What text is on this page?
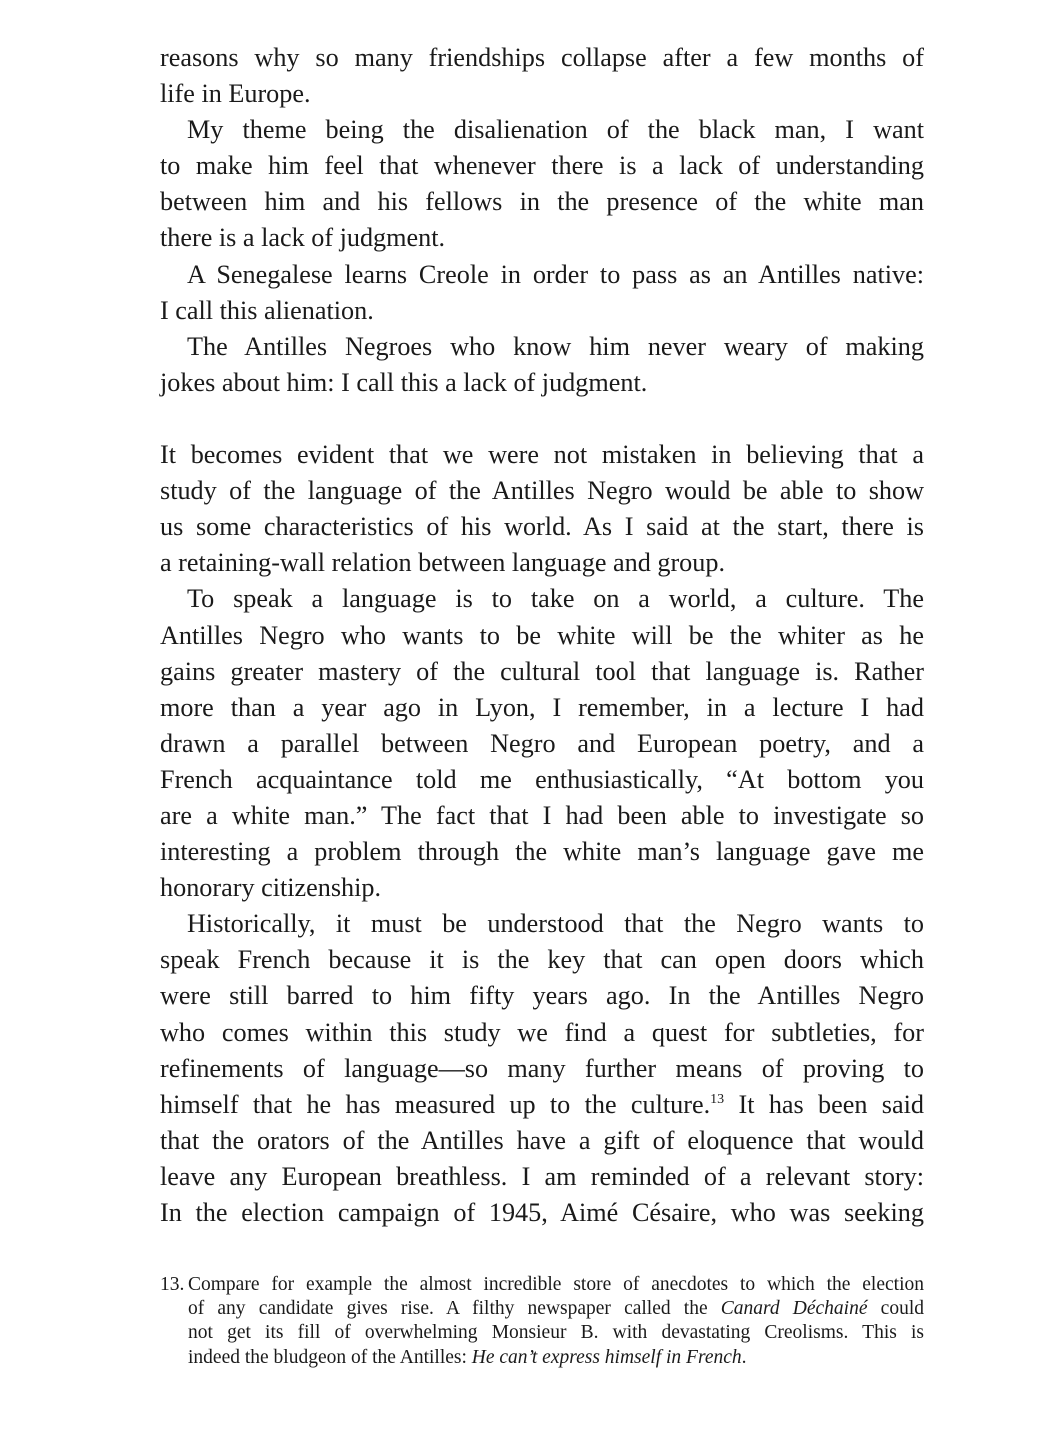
reasons why so many friendships collapse after a few months of
life in Europe.
My theme being the disalienation of the black man, I want
to make him feel that whenever there is a lack of understanding
between him and his fellows in the presence of the white man
there is a lack of judgment.
A Senegalese learns Creole in order to pass as an Antilles native:
I call this alienation.
The Antilles Negroes who know him never weary of making
jokes about him: I call this a lack of judgment.
It becomes evident that we were not mistaken in believing that a
study of the language of the Antilles Negro would be able to show
us some characteristics of his world. As I said at the start, there is
a retaining-wall relation between language and group.
To speak a language is to take on a world, a culture. The
Antilles Negro who wants to be white will be the whiter as he
gains greater mastery of the cultural tool that language is. Rather
more than a year ago in Lyon, I remember, in a lecture I had
drawn a parallel between Negro and European poetry, and a
French acquaintance told me enthusiastically, “At bottom you
are a white man.” The fact that I had been able to investigate so
interesting a problem through the white man’s language gave me
honorary citizenship.
Historically, it must be understood that the Negro wants to
speak French because it is the key that can open doors which
were still barred to him fifty years ago. In the Antilles Negro
who comes within this study we find a quest for subtleties, for
refinements of language—so many further means of proving to
himself that he has measured up to the culture.$^{13}$ It has been said
that the orators of the Antilles have a gift of eloquence that would
leave any European breathless. I am reminded of a relevant story:
In the election campaign of 1945, Aimé Césaire, who was seeking
13. Compare for example the almost incredible store of anecdotes to which the election
of any candidate gives rise. A filthy newspaper called the Canard Déchainé could
not get its fill of overwhelming Monsieur B. with devastating Creolisms. This is
indeed the bludgeon of the Antilles: He can’t express himself in French.
